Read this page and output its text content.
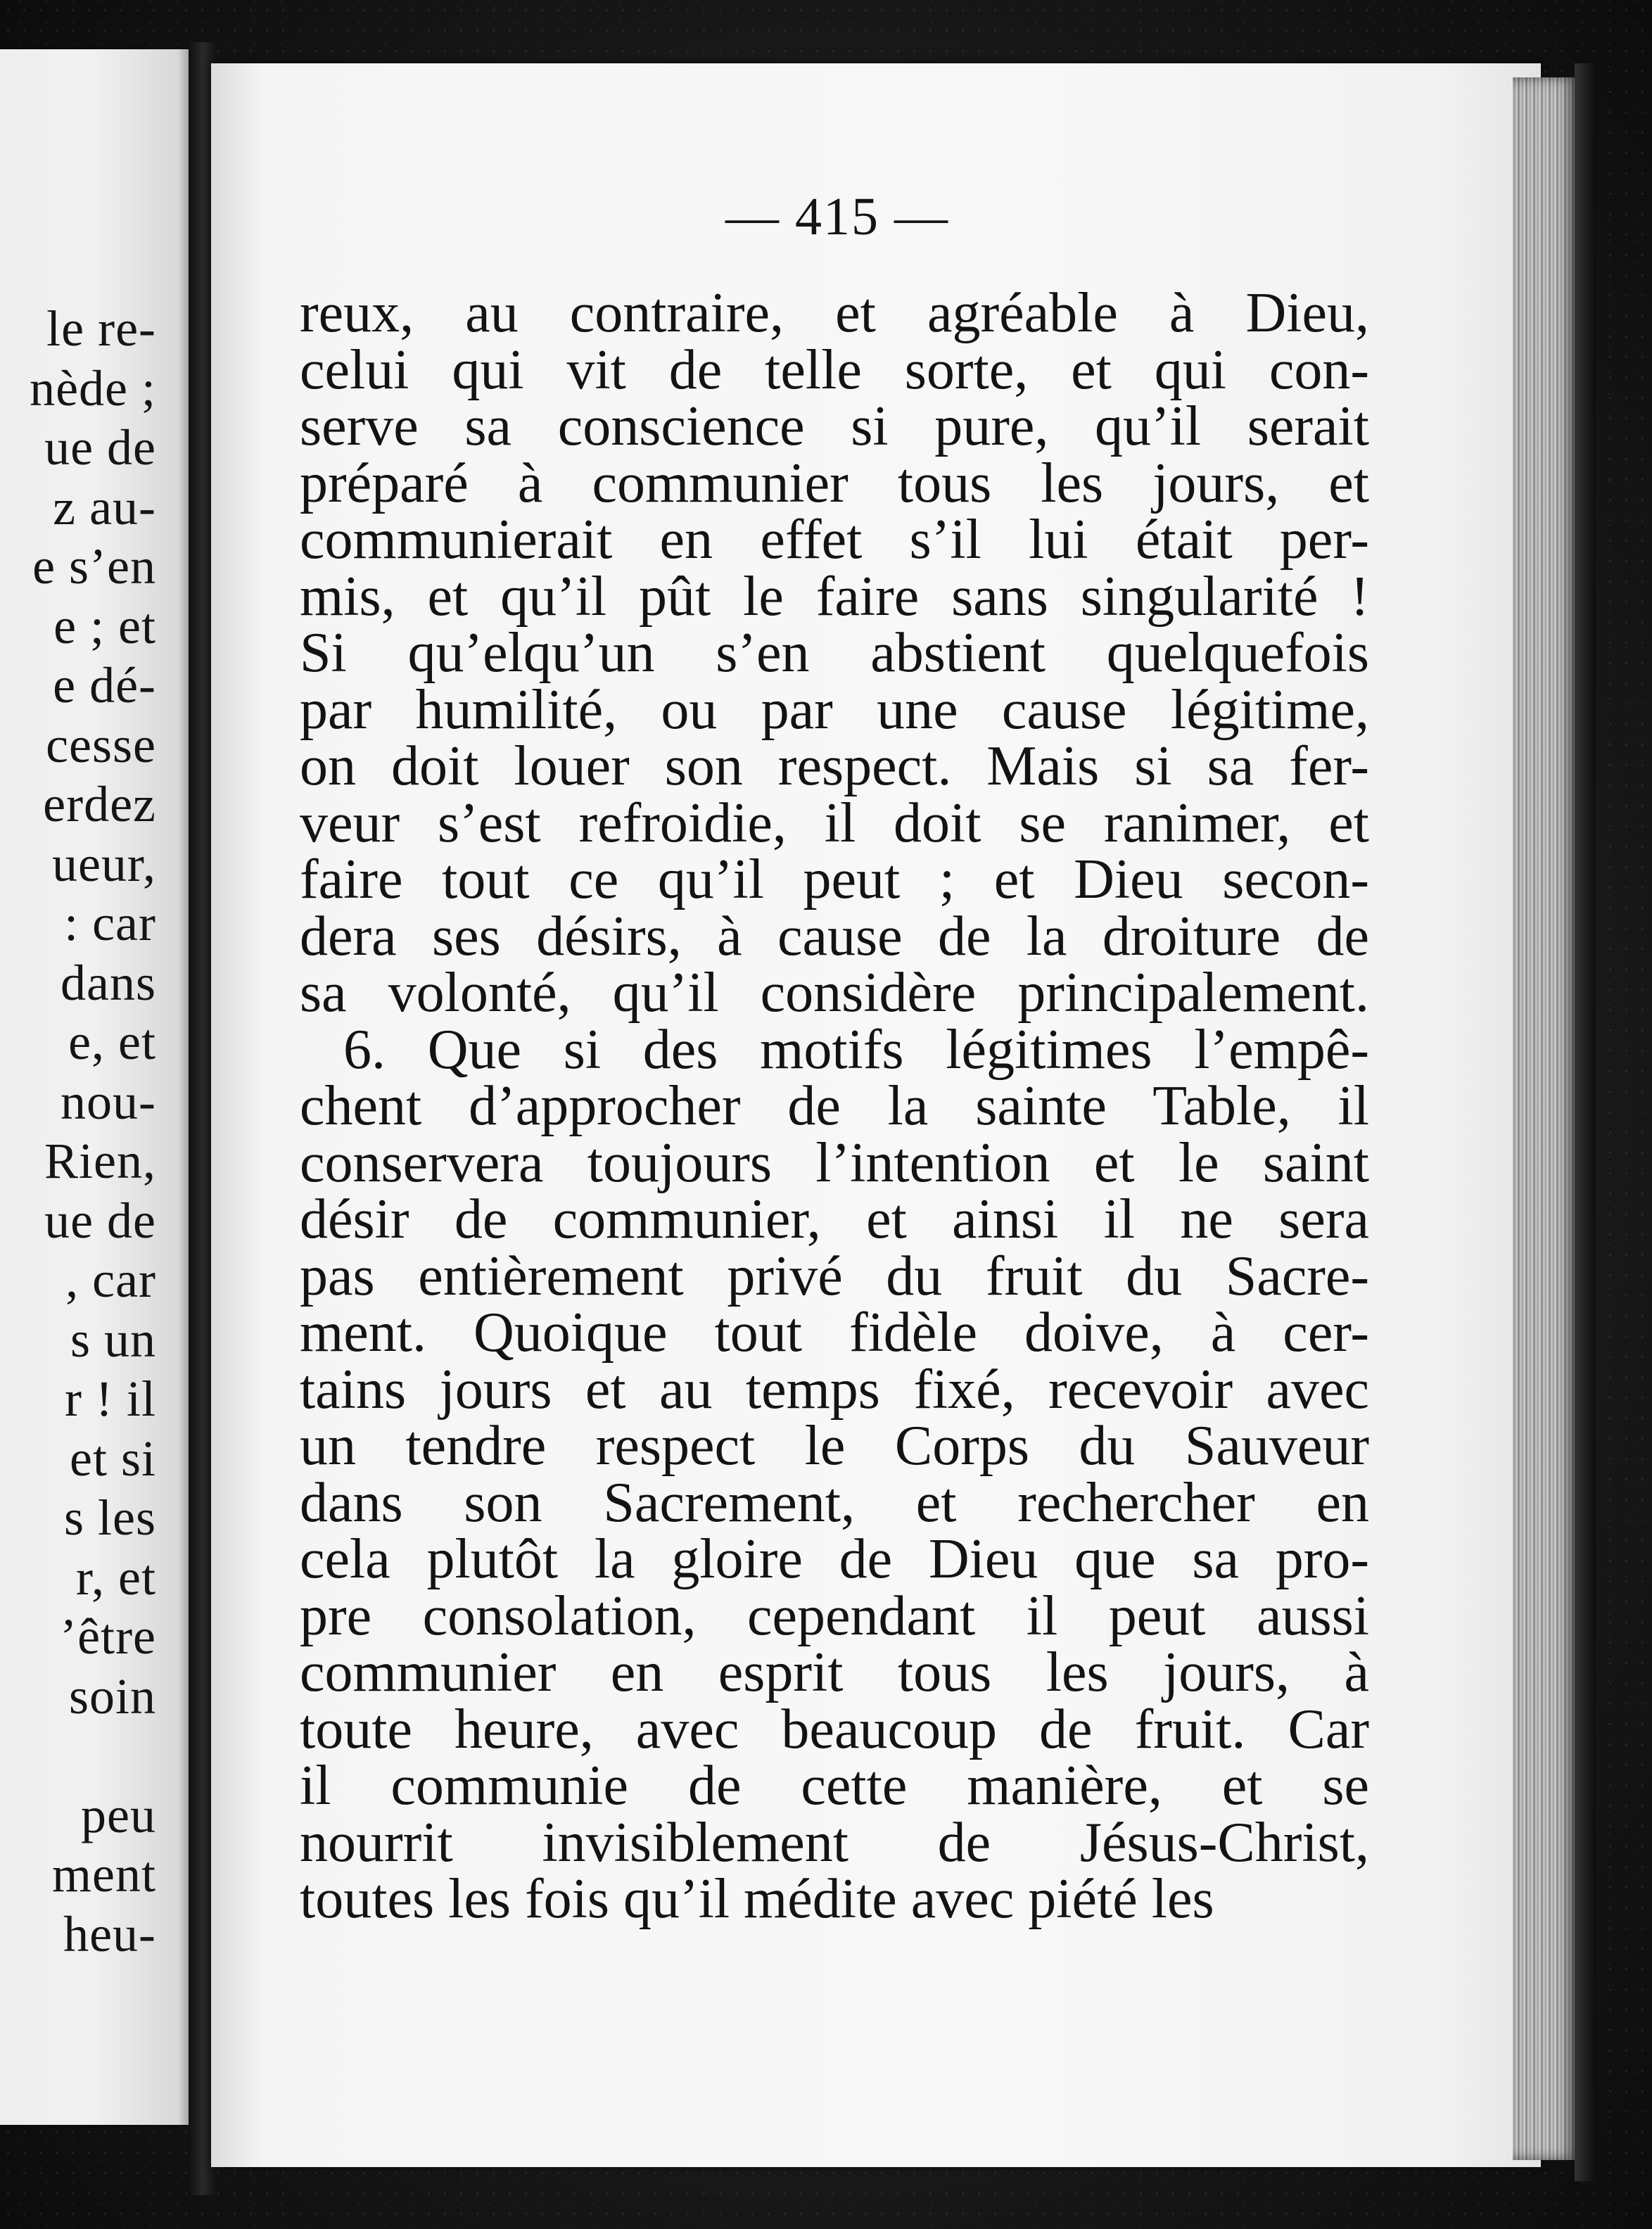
le re-
nède ;
ue de
z au-
e s’en
e ; et
e dé-
cesse
erdez
ueur,
: car
dans
e, et
nou-
Rien,
ue de
, car
s un
r ! il
et si
s les
r, et
’être
soin
peu
ment
heu-
— 415 —
reux, au contraire, et agréable à Dieu,
celui qui vit de telle sorte, et qui con-
serve sa conscience si pure, qu’il serait
préparé à communier tous les jours, et
communierait en effet s’il lui était per-
mis, et qu’il pût le faire sans singularité !
Si qu’elqu’un s’en abstient quelquefois
par humilité, ou par une cause légitime,
on doit louer son respect. Mais si sa fer-
veur s’est refroidie, il doit se ranimer, et
faire tout ce qu’il peut ; et Dieu secon-
dera ses désirs, à cause de la droiture de
sa volonté, qu’il considère principalement.
6. Que si des motifs légitimes l’empê-
chent d’approcher de la sainte Table, il
conservera toujours l’intention et le saint
désir de communier, et ainsi il ne sera
pas entièrement privé du fruit du Sacre-
ment. Quoique tout fidèle doive, à cer-
tains jours et au temps fixé, recevoir avec
un tendre respect le Corps du Sauveur
dans son Sacrement, et rechercher en
cela plutôt la gloire de Dieu que sa pro-
pre consolation, cependant il peut aussi
communier en esprit tous les jours, à
toute heure, avec beaucoup de fruit. Car
il communie de cette manière, et se
nourrit invisiblement de Jésus-Christ,
toutes les fois qu’il médite avec piété les
